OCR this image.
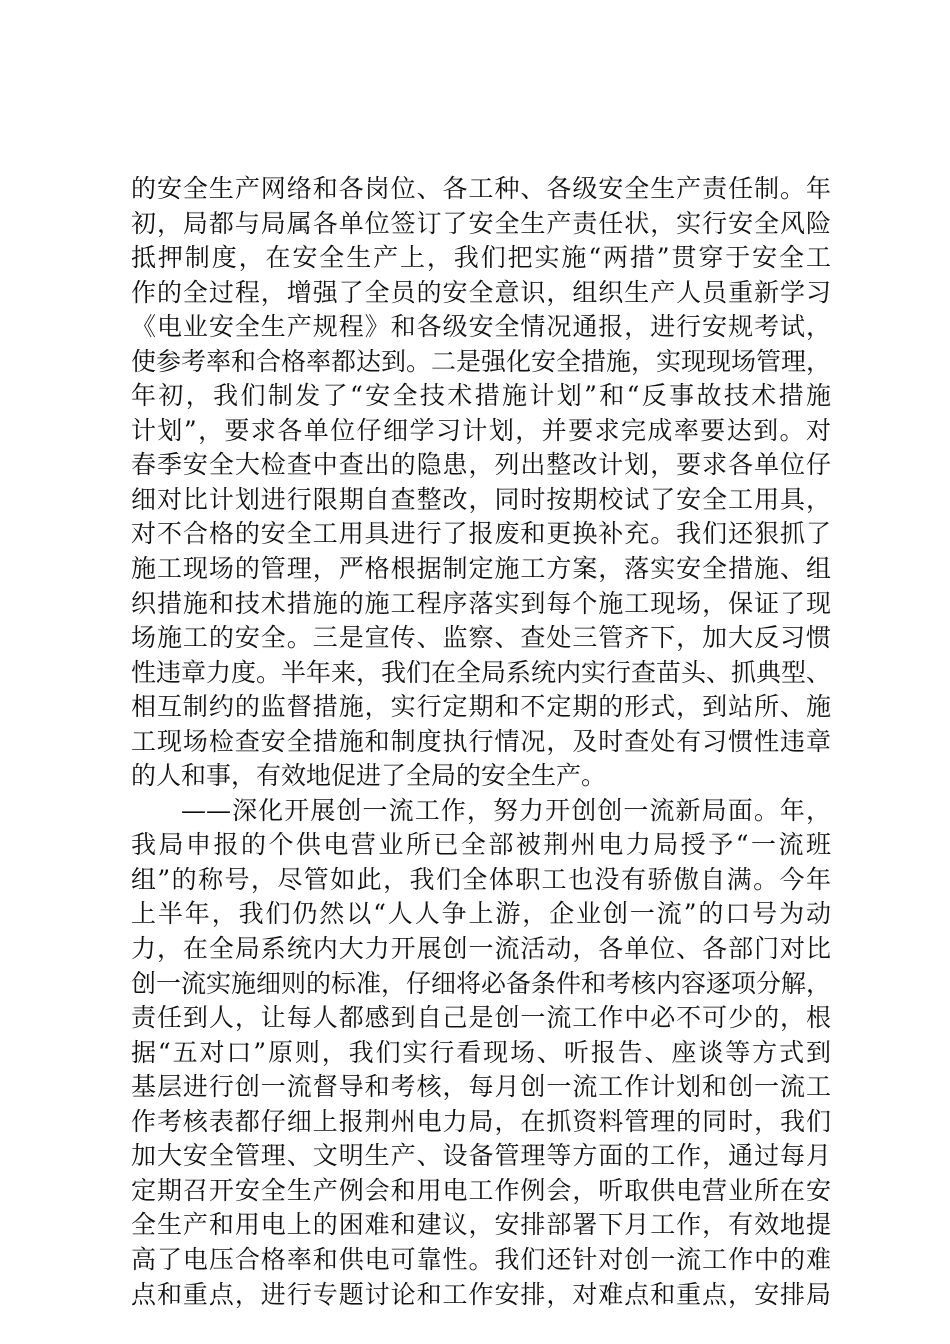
的安全生产网络和各岗位、各工种、各级安全生产责任制。年
初，局都与局属各单位签订了安全生产责任状，实行安全风险
抵押制度，在安全生产上，我们把实施“两措”贯穿于安全工
作的全过程，增强了全员的安全意识，组织生产人员重新学习
《电业安全生产规程》和各级安全情况通报，进行安规考试，
使参考率和合格率都达到。二是强化安全措施，实现现场管理，
年初，我们制发了“安全技术措施计划”和“反事故技术措施
计划”，要求各单位仔细学习计划，并要求完成率要达到。对
春季安全大检查中查出的隐患，列出整改计划，要求各单位仔
细对比计划进行限期自查整改，同时按期校试了安全工用具，
对不合格的安全工用具进行了报废和更换补充。我们还狠抓了
施工现场的管理，严格根据制定施工方案，落实安全措施、组
织措施和技术措施的施工程序落实到每个施工现场，保证了现
场施工的安全。三是宣传、监察、查处三管齐下，加大反习惯
性违章力度。半年来，我们在全局系统内实行查苗头、抓典型、
相互制约的监督措施，实行定期和不定期的形式，到站所、施
工现场检查安全措施和制度执行情况，及时查处有习惯性违章
的人和事，有效地促进了全局的安全生产。
——深化开展创一流工作，努力开创创一流新局面。年，
我局申报的个供电营业所已全部被荆州电力局授予“一流班
组”的称号，尽管如此，我们全体职工也没有骄傲自满。今年
上半年，我们仍然以“人人争上游，企业创一流”的口号为动
力，在全局系统内大力开展创一流活动，各单位、各部门对比
创一流实施细则的标准，仔细将必备条件和考核内容逐项分解，
责任到人，让每人都感到自己是创一流工作中必不可少的，根
据“五对口”原则，我们实行看现场、听报告、座谈等方式到
基层进行创一流督导和考核，每月创一流工作计划和创一流工
作考核表都仔细上报荆州电力局，在抓资料管理的同时，我们
加大安全管理、文明生产、设备管理等方面的工作，通过每月
定期召开安全生产例会和用电工作例会，听取供电营业所在安
全生产和用电上的困难和建议，安排部署下月工作，有效地提
高了电压合格率和供电可靠性。我们还针对创一流工作中的难
点和重点，进行专题讨论和工作安排，对难点和重点，安排局
